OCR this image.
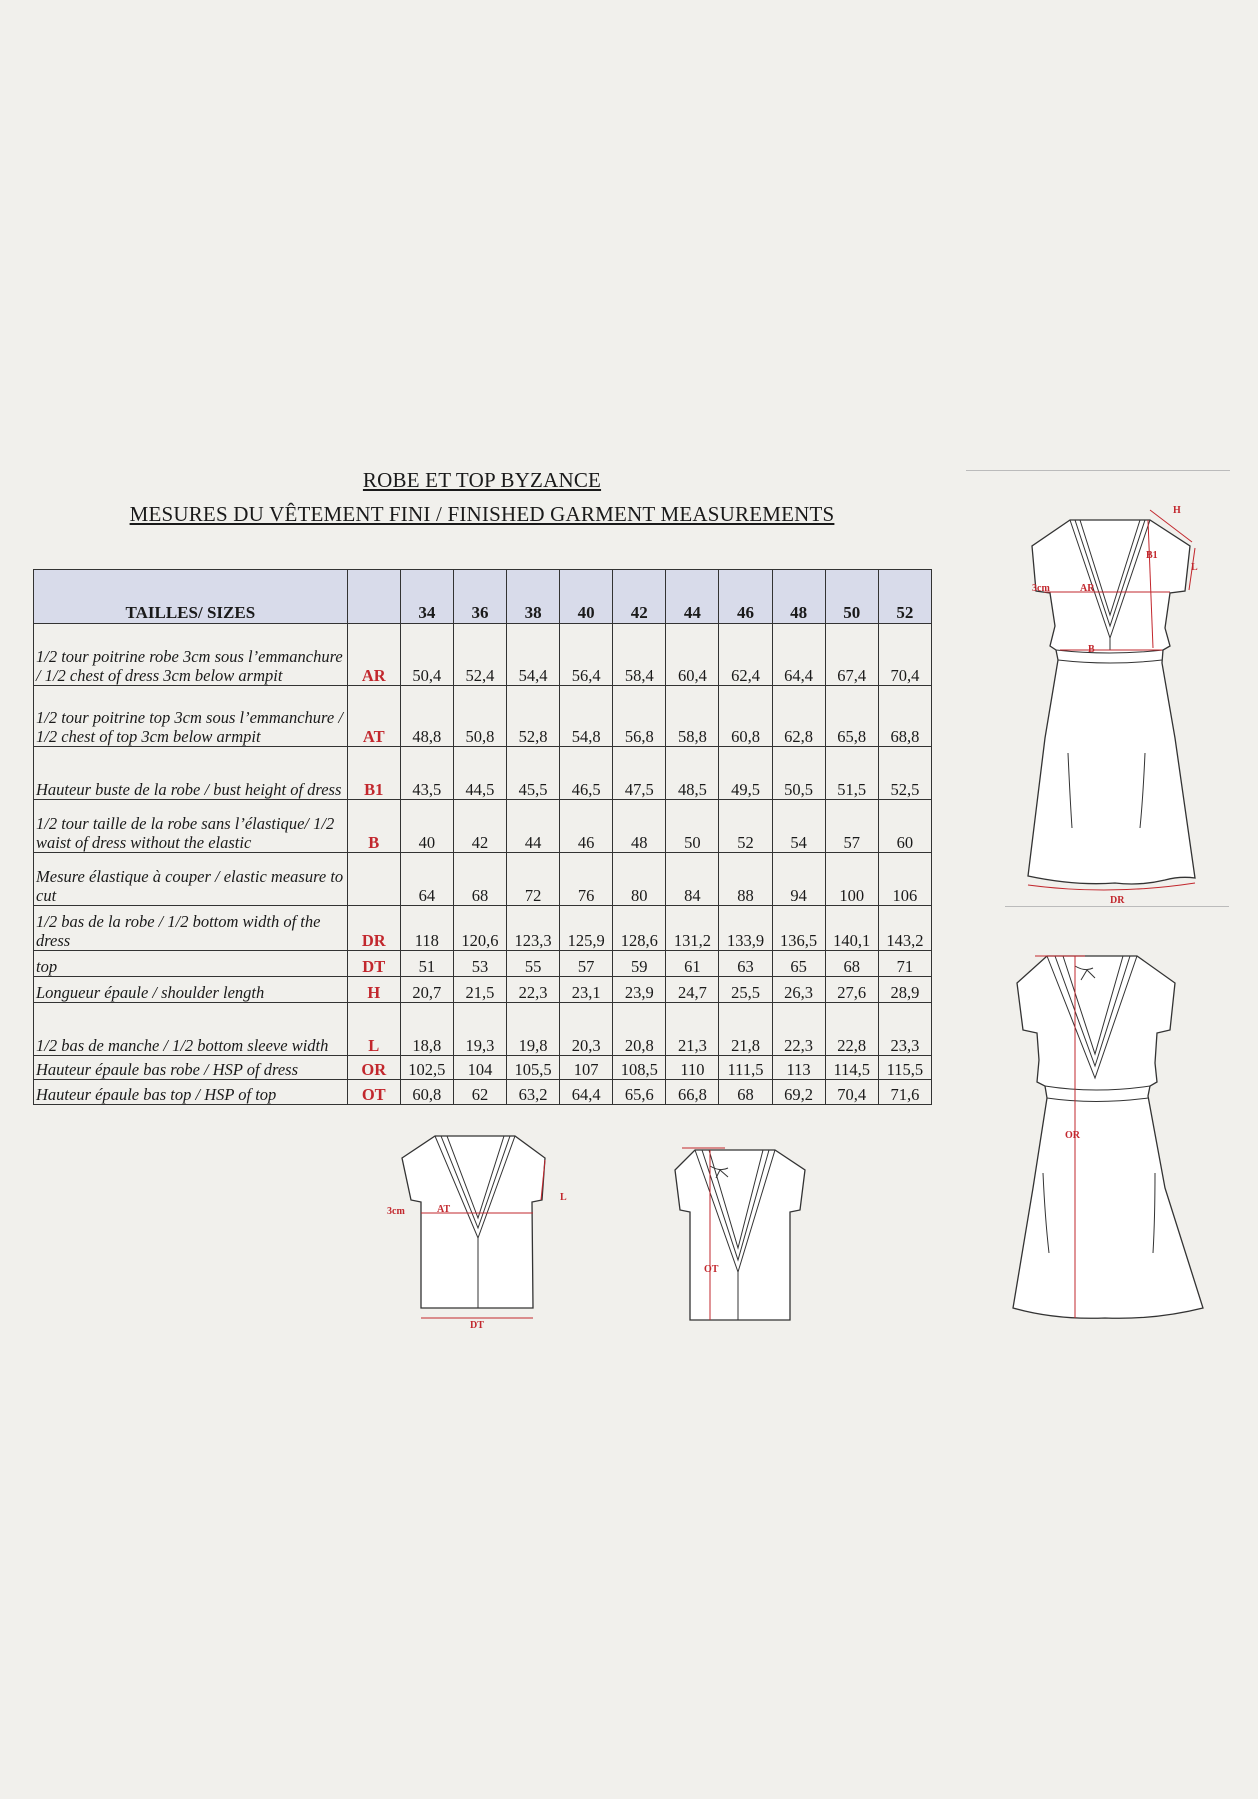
ROBE ET TOP BYZANCE
MESURES DU VÊTEMENT FINI / FINISHED GARMENT MEASUREMENTS
TAILLES/ SIZES		34	36	38	40	42	44	46	48	50	52
1/2 tour poitrine robe 3cm sous l’emmanchure / 1/2 chest of dress 3cm below armpit	AR	50,4	52,4	54,4	56,4	58,4	60,4	62,4	64,4	67,4	70,4
1/2 tour poitrine top 3cm sous l’emmanchure / 1/2 chest of top 3cm below armpit	AT	48,8	50,8	52,8	54,8	56,8	58,8	60,8	62,8	65,8	68,8
Hauteur buste de la robe / bust height of dress	B1	43,5	44,5	45,5	46,5	47,5	48,5	49,5	50,5	51,5	52,5
1/2 tour taille de la robe sans l’élastique/ 1/2 waist of dress without the elastic	B	40	42	44	46	48	50	52	54	57	60
Mesure élastique à couper / elastic measure to cut		64	68	72	76	80	84	88	94	100	106
1/2 bas de la robe / 1/2 bottom width of the dress	DR	118	120,6	123,3	125,9	128,6	131,2	133,9	136,5	140,1	143,2
top	DT	51	53	55	57	59	61	63	65	68	71
Longueur épaule / shoulder length	H	20,7	21,5	22,3	23,1	23,9	24,7	25,5	26,3	27,6	28,9
1/2 bas de manche / 1/2 bottom sleeve width	L	18,8	19,3	19,8	20,3	20,8	21,3	21,8	22,3	22,8	23,3
Hauteur épaule bas robe / HSP of dress	OR	102,5	104	105,5	107	108,5	110	111,5	113	114,5	115,5
Hauteur épaule bas top / HSP of top	OT	60,8	62	63,2	64,4	65,6	66,8	68	69,2	70,4	71,6
H
B1
L
3cm	AR
B
DR
OR
3cm	AT
L
DT
OT
